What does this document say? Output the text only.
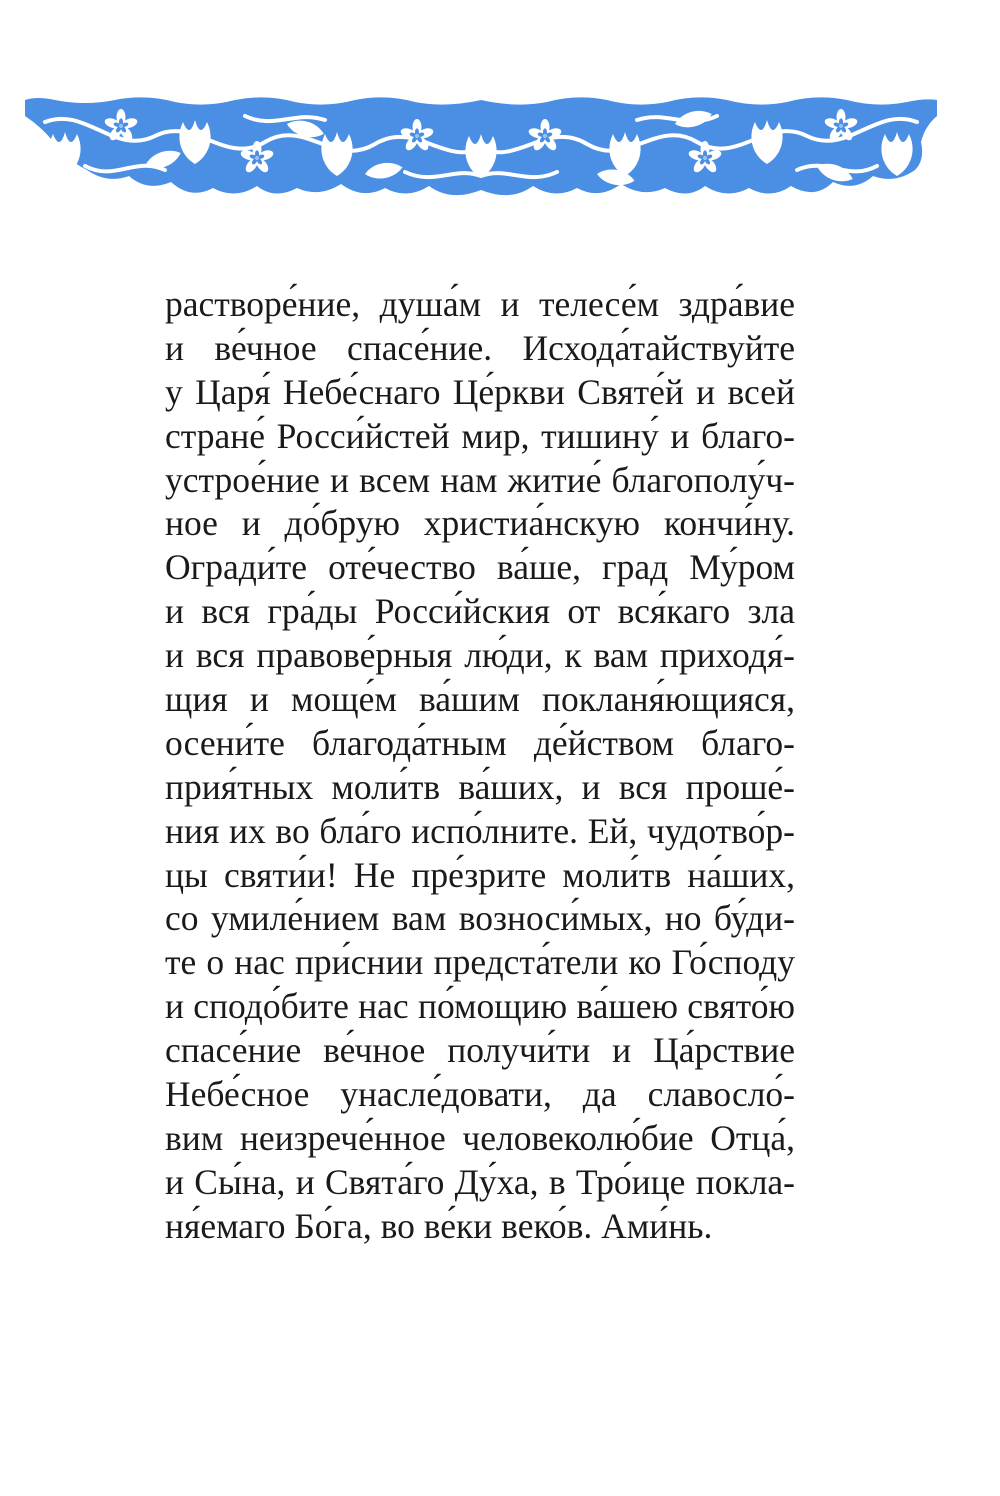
растворе́ние, душа́м и телесе́м здра́вие
и ве́чное спасе́ние. Исхода́тайствуйте
у Царя́ Небе́снаго Це́ркви Святе́й и всей
стране́ Росси́йстей мир, тишину́ и благо-
устрое́ние и всем нам житие́ благополу́ч-
ное и до́брую христиа́нскую кончи́ну.
Огради́те оте́чество ва́ше, град Му́ром
и вся гра́ды Росси́йския от вся́каго зла
и вся правове́рныя лю́ди, к вам приходя́-
щия и моще́м ва́шим покланя́ющияся,
осени́те благода́тным де́йством благо-
прия́тных моли́тв ва́ших, и вся проше́-
ния их во бла́го испо́лните. Ей, чудотво́р-
цы святи́и! Не пре́зрите моли́тв на́ших,
со умиле́нием вам возноси́мых, но бу́ди-
те о нас при́снии предста́тели ко Го́споду
и сподо́бите нас по́мощию ва́шею свято́ю
спасе́ние ве́чное получи́ти и Ца́рствие
Небе́сное унасле́довати, да славосло́-
вим неизрече́нное человеколю́бие Отца́,
и Сы́на, и Свята́го Ду́ха, в Тро́ице покла-
ня́емаго Бо́га, во ве́ки веко́в. Ами́нь.
